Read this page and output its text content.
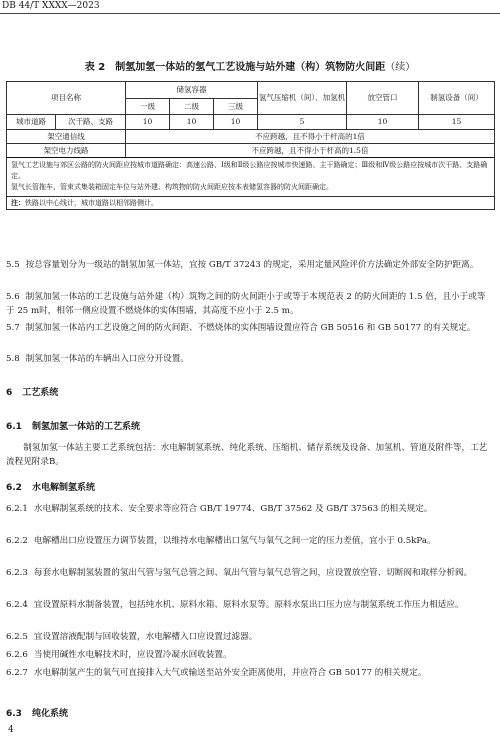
DB 44/T XXXX—2023
表 2 制氢加氢一体站的氢气工艺设施与站外建（构）筑物防火间距（续）
项目名称		储氢容器			氢气压缩机（间）、加氢机	放空管口	制氢设备（间）
		一级	二级	三级			
城市道路	次干路、支路	10	10	10	5	10	15
架空通信线		不应跨越，且不得小于杆高的1倍					
架空电力线路		不应跨越，且不得小于杆高的1.5倍					

氢气工艺设施与郊区公路的防火间距应按城市道路确定：高速公路、Ⅰ级和Ⅱ级公路应按城市快速路、主干路确定；Ⅲ级和Ⅳ级公路应按城市次干路、支路确定。
氢气长管拖车、管束式集装箱固定车位与站外建、构筑物的防火间距应按本表储氢容器的防火间距确定。							

注：铁路以中心线计，城市道路以相邻路侧计。							
5.5 按总容量划分为一级站的制氢加氢一体站，宜按 GB/T 37243 的规定，采用定量风险评价方法确定外部安全防护距离。
5.6 制氢加氢一体站的工艺设施与站外建（构）筑物之间的防火间距小于或等于本规范表 2 的防火间距的 1.5 倍，且小于或等于 25 m时，相邻一侧应设置不燃烧体的实体围墙，其高度不应小于 2.5 m。
5.7 制氢加氢一体站内工艺设施之间的防火间距、不燃烧体的实体围墙设置应符合 GB 50516 和 GB 50177 的有关规定。
5.8 制氢加氢一体站的车辆出入口应分开设置。
6 工艺系统
6.1 制氢加氢一体站的工艺系统
制氢加氢一体站主要工艺系统包括：水电解制氢系统、纯化系统、压缩机、储存系统及设备、加氢机、管道及附件等，工艺流程见附录B。
6.2 水电解制氢系统
6.2.1 水电解制氢系统的技术、安全要求等应符合 GB/T 19774、GB/T 37562 及 GB/T 37563 的相关规定。
6.2.2 电解槽出口应设置压力调节装置，以维持水电解槽出口氢气与氧气之间一定的压力差值，宜小于 0.5kPa。
6.2.3 每套水电解制氢装置的氢出气管与氢气总管之间、氧出气管与氧气总管之间，应设置放空管、切断阀和取样分析阀。
6.2.4 宜设置原料水制备装置，包括纯水机、原料水箱、原料水泵等。原料水泵出口压力应与制氢系统工作压力相适应。
6.2.5 宜设置溶液配制与回收装置，水电解槽入口应设置过滤器。
6.2.6 当使用碱性水电解技术时，应设置冷凝水回收装置。
6.2.7 水电解制氢产生的氧气可直接排入大气或输送至站外安全距离使用，并应符合 GB 50177 的相关规定。
6.3 纯化系统
4
